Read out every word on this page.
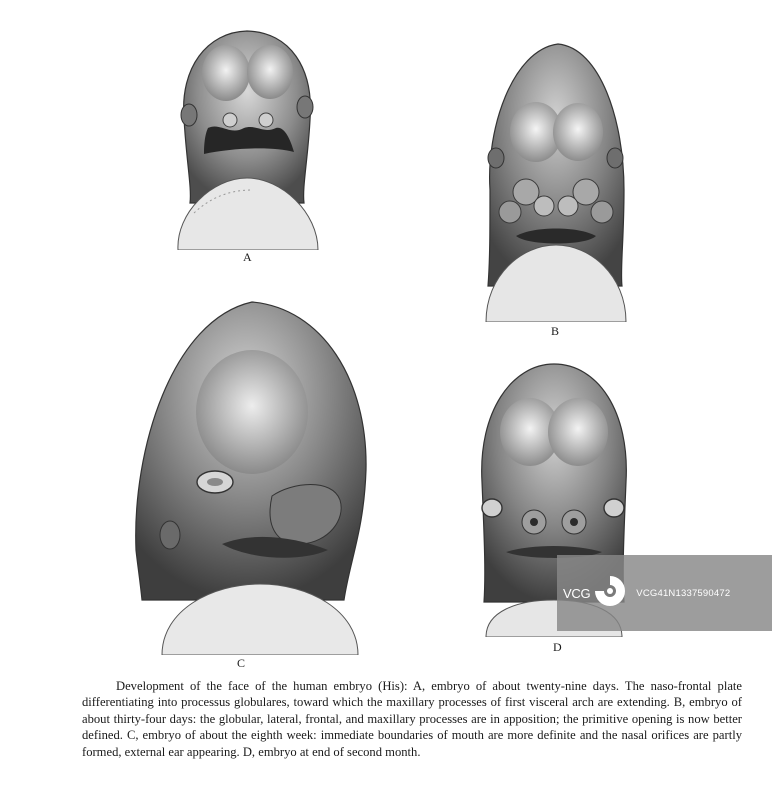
A
B
C
D
Development of the face of the human embryo (His): A, embryo of about twenty-nine days. The naso-frontal plate differentiating into processus globulares, toward which the maxillary processes of first visceral arch are extending. B, embryo of about thirty-four days: the globular, lateral, frontal, and maxillary processes are in apposition; the primitive opening is now better defined. C, embryo of about the eighth week: immediate boundaries of mouth are more definite and the nasal orifices are partly formed, external ear appearing. D, embryo at end of second month.
VCG	VCG41N1337590472
